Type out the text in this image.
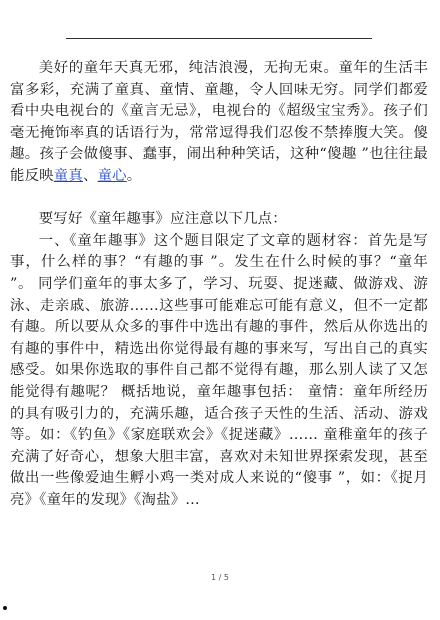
美好的童年天真无邪，纯洁浪漫，无拘无束。童年的生活丰富多彩，充满了童真、童情、童趣，令人回味无穷。同学们都爱看中央电视台的《童言无忌》，电视台的《超级宝宝秀》。孩子们毫无掩饰率真的话语行为，常常逗得我们忍俊不禁捧腹大笑。傻趣。孩子会做傻事、蠢事，闹出种种笑话，这种“傻趣 ”也往往最能反映童真、童心。

要写好《童年趣事》应注意以下几点：

一、《童年趣事》这个题目限定了文章的题材容：首先是写事，什么样的事？“有趣的事 ”。发生在什么时候的事？“童年 ”。 同学们童年的事太多了，学习、玩耍、捉迷藏、做游戏、游泳、走亲戚、旅游……这些事可能难忘可能有意义，但不一定都有趣。所以要从众多的事件中选出有趣的事件，然后从你选出的有趣的事件中，精选出你觉得最有趣的事来写，写出自己的真实感受。如果你选取的事件自己都不觉得有趣，那么别人读了又怎能觉得有趣呢？ 概括地说，童年趣事包括： 童情：童年所经历的具有吸引力的，充满乐趣，适合孩子天性的生活、活动、游戏等。如：《钓鱼》《家庭联欢会》《捉迷藏》…… 童稚童年的孩子充满了好奇心，想象大胆丰富，喜欢对未知世界探索发现，甚至做出一些像爱迪生孵小鸡一类对成人来说的“傻事 ”，如：《捉月亮》《童年的发现》《淘盐》…

1 / 5
